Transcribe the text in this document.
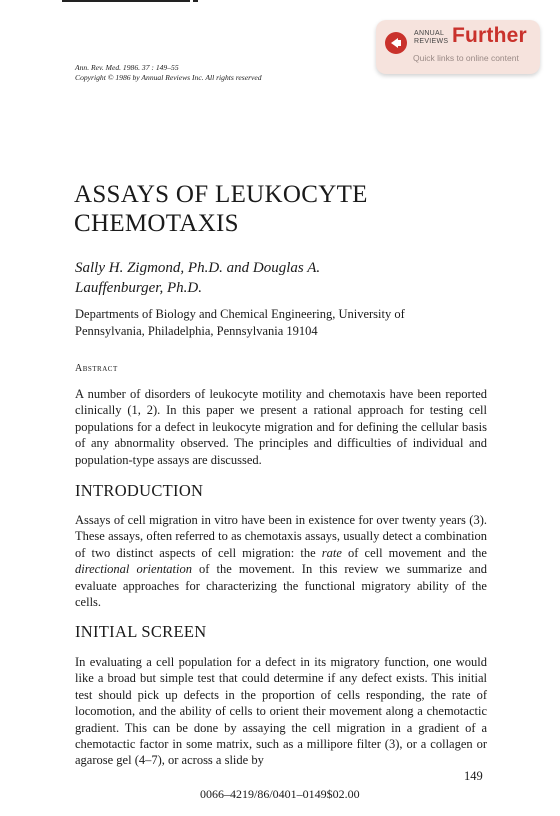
ANNUAL
REVIEWS Further
Quick links to online content
Ann. Rev. Med. 1986. 37 : 149–55
Copyright © 1986 by Annual Reviews Inc. All rights reserved
ASSAYS OF LEUKOCYTE
CHEMOTAXIS
Sally H. Zigmond, Ph.D. and Douglas A.
Lauffenburger, Ph.D.
Departments of Biology and Chemical Engineering, University of
Pennsylvania, Philadelphia, Pennsylvania 19104
Abstract

A number of disorders of leukocyte motility and chemotaxis have been reported clinically (1, 2). In this paper we present a rational approach for testing cell populations for a defect in leukocyte migration and for defining the cellular basis of any abnormality observed. The principles and difficulties of individual and population-type assays are discussed.

INTRODUCTION

Assays of cell migration in vitro have been in existence for over twenty years (3). These assays, often referred to as chemotaxis assays, usually detect a combination of two distinct aspects of cell migration: the rate of cell movement and the directional orientation of the movement. In this review we summarize and evaluate approaches for characterizing the functional migratory ability of the cells.

INITIAL SCREEN

In evaluating a cell population for a defect in its migratory function, one would like a broad but simple test that could determine if any defect exists. This initial test should pick up defects in the proportion of cells responding, the rate of locomotion, and the ability of cells to orient their movement along a chemotactic gradient. This can be done by assaying the cell migration in a gradient of a chemotactic factor in some matrix, such as a millipore filter (3), or a collagen or agarose gel (4–7), or across a slide by

149
0066–4219/86/0401–0149$02.00
